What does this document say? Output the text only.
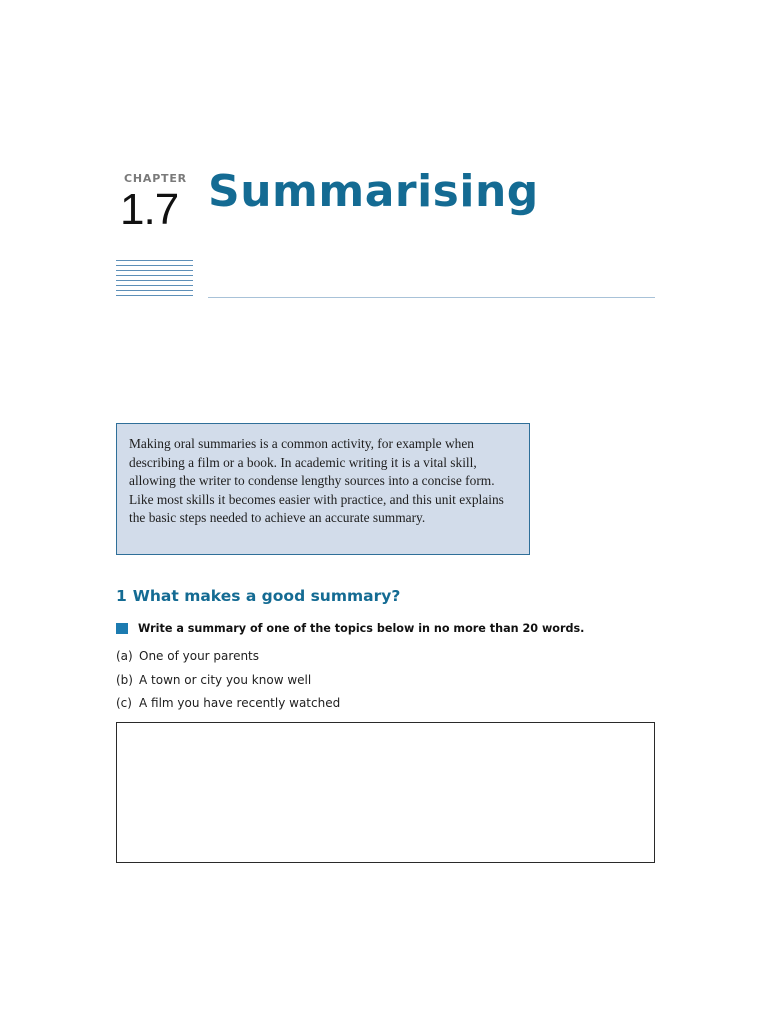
CHAPTER
1.7 Summarising

Making oral summaries is a common activity, for example when describing a film or a book. In academic writing it is a vital skill, allowing the writer to condense lengthy sources into a concise form. Like most skills it becomes easier with practice, and this unit explains the basic steps needed to achieve an accurate summary.

1 What makes a good summary?
Write a summary of one of the topics below in no more than 20 words.
(a) One of your parents
(b) A town or city you know well
(c) A film you have recently watched
